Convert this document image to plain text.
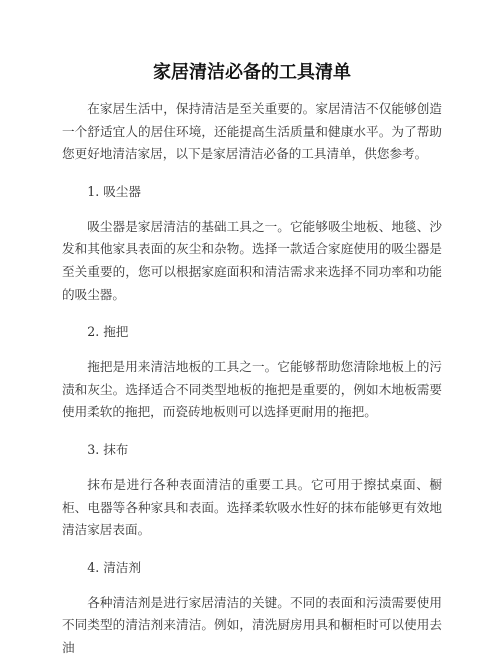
家居清洁必备的工具清单

在家居生活中，保持清洁是至关重要的。家居清洁不仅能够创造一个舒适宜人的居住环境，还能提高生活质量和健康水平。为了帮助您更好地清洁家居，以下是家居清洁必备的工具清单，供您参考。

1. 吸尘器

吸尘器是家居清洁的基础工具之一。它能够吸尘地板、地毯、沙发和其他家具表面的灰尘和杂物。选择一款适合家庭使用的吸尘器是至关重要的，您可以根据家庭面积和清洁需求来选择不同功率和功能的吸尘器。

2. 拖把

拖把是用来清洁地板的工具之一。它能够帮助您清除地板上的污渍和灰尘。选择适合不同类型地板的拖把是重要的，例如木地板需要使用柔软的拖把，而瓷砖地板则可以选择更耐用的拖把。

3. 抹布

抹布是进行各种表面清洁的重要工具。它可用于擦拭桌面、橱柜、电器等各种家具和表面。选择柔软吸水性好的抹布能够更有效地清洁家居表面。

4. 清洁剂

各种清洁剂是进行家居清洁的关键。不同的表面和污渍需要使用不同类型的清洁剂来清洁。例如，清洗厨房用具和橱柜时可以使用去油
